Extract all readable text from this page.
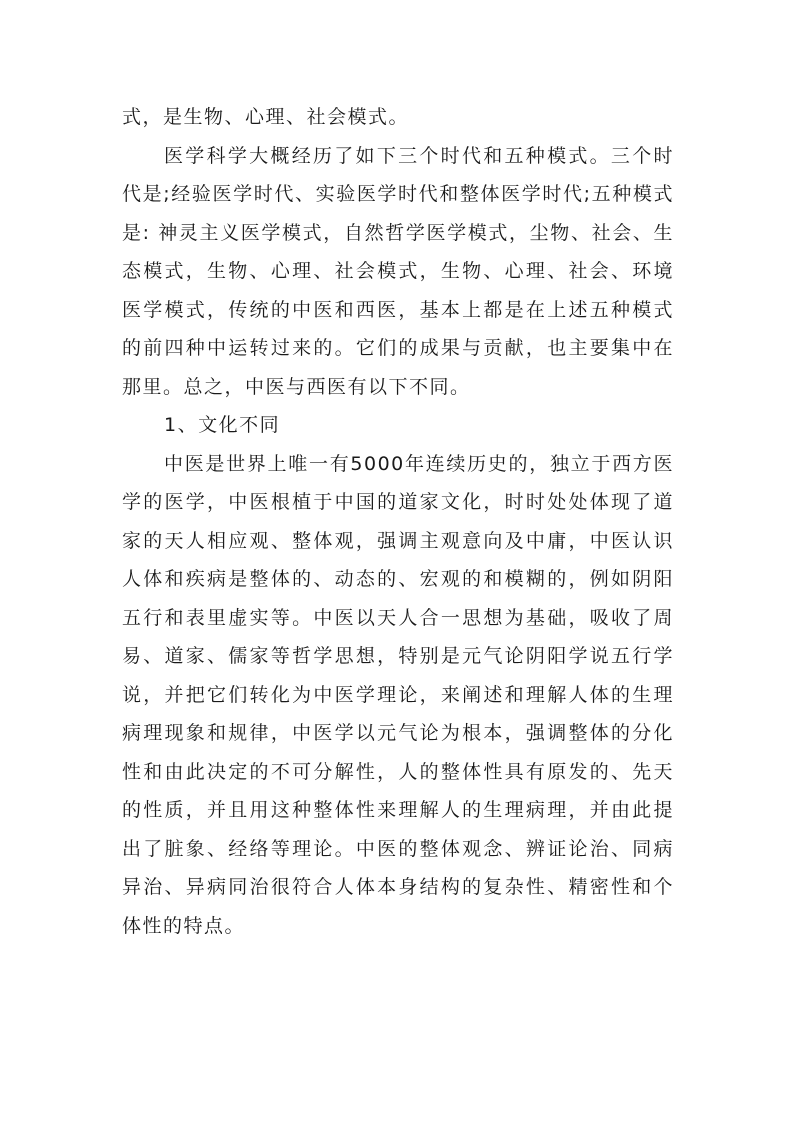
式，是生物、心理、社会模式。

医学科学大概经历了如下三个时代和五种模式。三个时代是;经验医学时代、实验医学时代和整体医学时代;五种模式是: 神灵主义医学模式，自然哲学医学模式，尘物、社会、生态模式，生物、心理、社会模式，生物、心理、社会、环境医学模式，传统的中医和西医，基本上都是在上述五种模式的前四种中运转过来的。它们的成果与贡献，也主要集中在那里。总之，中医与西医有以下不同。

1、文化不同

中医是世界上唯一有5000年连续历史的，独立于西方医学的医学，中医根植于中国的道家文化，时时处处体现了道家的天人相应观、整体观，强调主观意向及中庸，中医认识人体和疾病是整体的、动态的、宏观的和模糊的，例如阴阳五行和表里虚实等。中医以天人合一思想为基础，吸收了周易、道家、儒家等哲学思想，特别是元气论阴阳学说五行学说，并把它们转化为中医学理论，来阐述和理解人体的生理病理现象和规律，中医学以元气论为根本，强调整体的分化性和由此决定的不可分解性，人的整体性具有原发的、先天的性质，并且用这种整体性来理解人的生理病理，并由此提出了脏象、经络等理论。中医的整体观念、辨证论治、同病异治、异病同治很符合人体本身结构的复杂性、精密性和个体性的特点。
